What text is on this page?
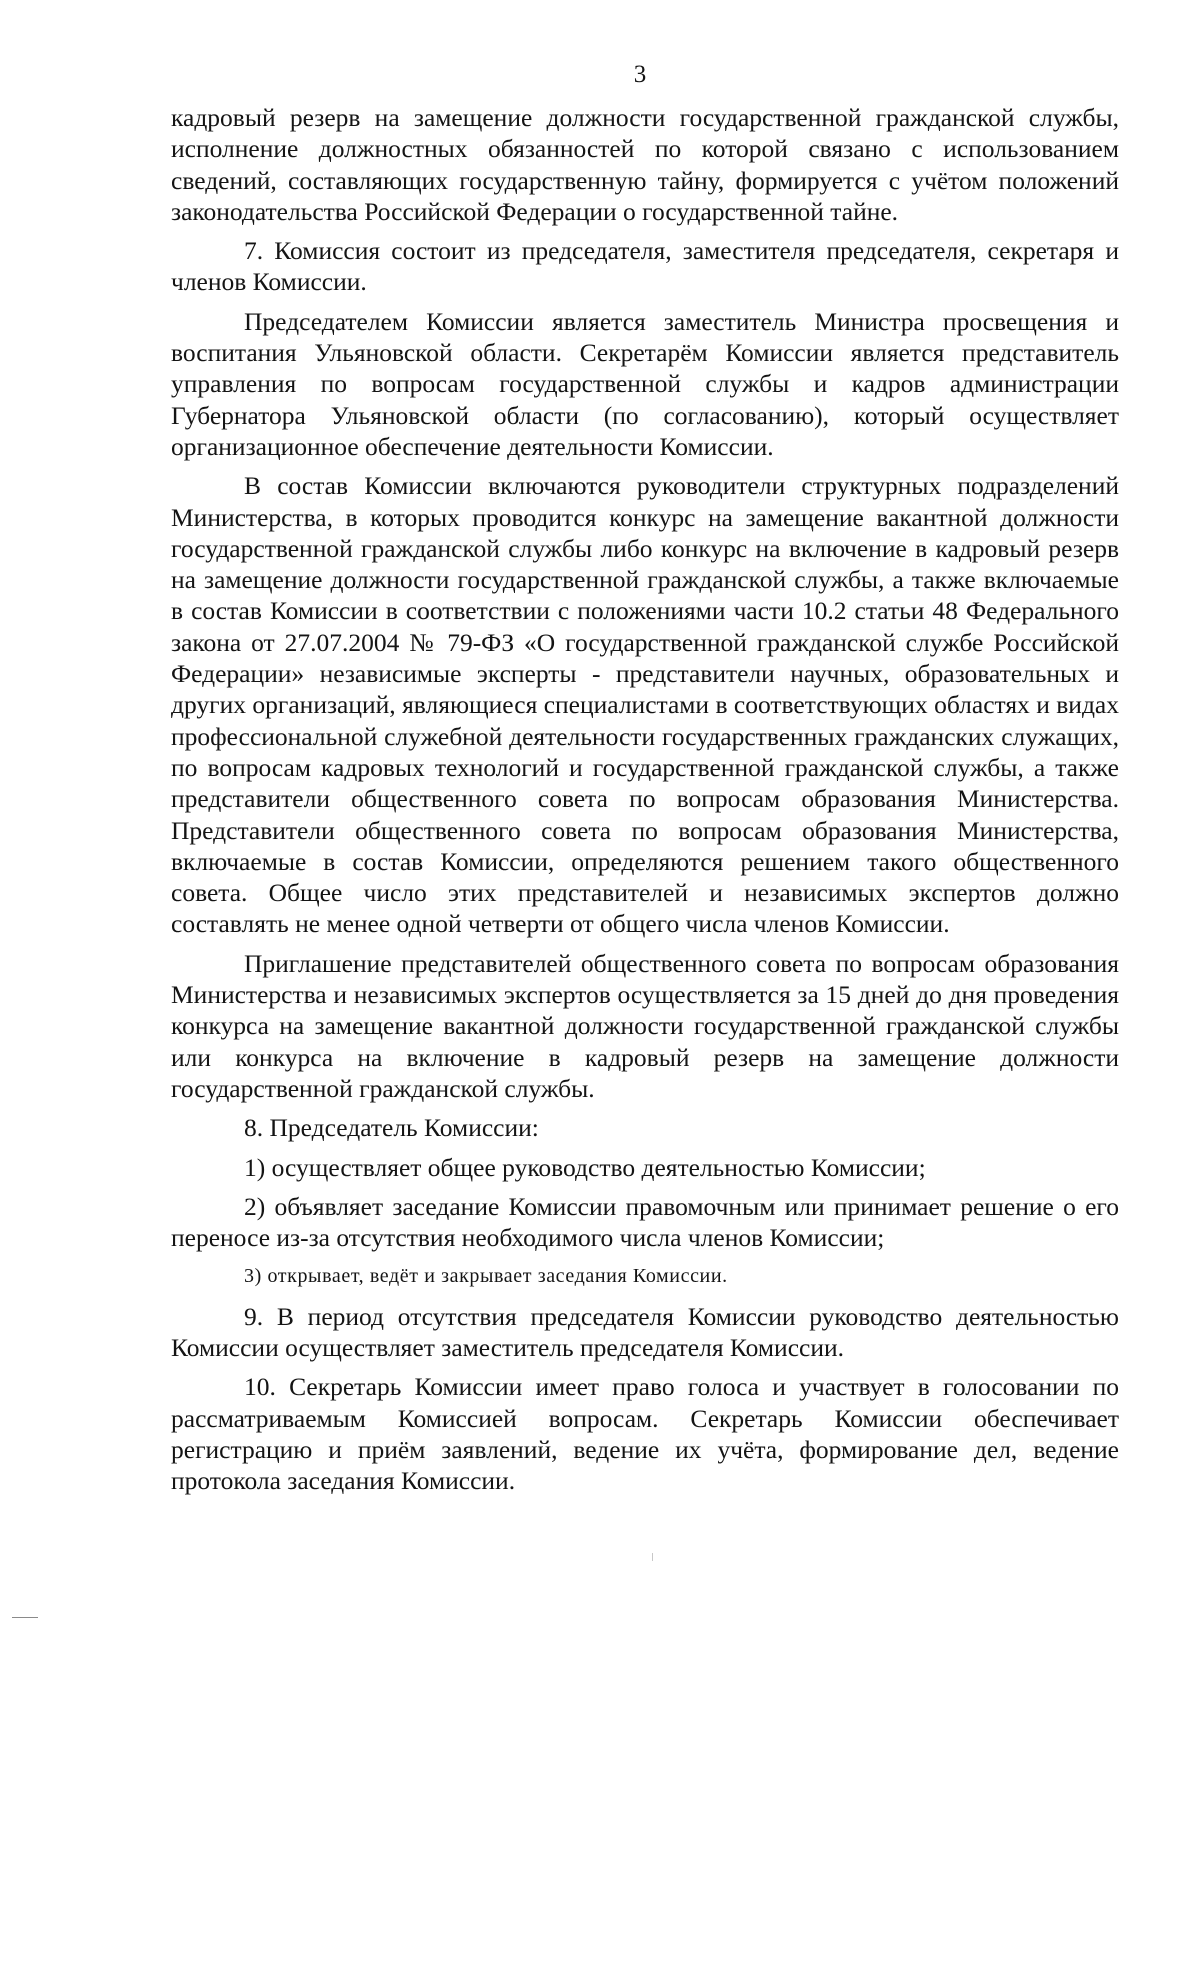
3

кадровый резерв на замещение должности государственной гражданской службы, исполнение должностных обязанностей по которой связано с использованием сведений, составляющих государственную тайну, формируется с учётом положений законодательства Российской Федерации о государственной тайне.

7. Комиссия состоит из председателя, заместителя председателя, секретаря и членов Комиссии.

Председателем Комиссии является заместитель Министра просвещения и воспитания Ульяновской области. Секретарём Комиссии является представитель управления по вопросам государственной службы и кадров администрации Губернатора Ульяновской области (по согласованию), который осуществляет организационное обеспечение деятельности Комиссии.

В состав Комиссии включаются руководители структурных подразделений Министерства, в которых проводится конкурс на замещение вакантной должности государственной гражданской службы либо конкурс на включение в кадровый резерв на замещение должности государственной гражданской службы, а также включаемые в состав Комиссии в соответствии с положениями части 10.2 статьи 48 Федерального закона от 27.07.2004 № 79-ФЗ «О государственной гражданской службе Российской Федерации» независимые эксперты - представители научных, образовательных и других организаций, являющиеся специалистами в соответствующих областях и видах профессиональной служебной деятельности государственных гражданских служащих, по вопросам кадровых технологий и государственной гражданской службы, а также представители общественного совета по вопросам образования Министерства. Представители общественного совета по вопросам образования Министерства, включаемые в состав Комиссии, определяются решением такого общественного совета. Общее число этих представителей и независимых экспертов должно составлять не менее одной четверти от общего числа членов Комиссии.

Приглашение представителей общественного совета по вопросам образования Министерства и независимых экспертов осуществляется за 15 дней до дня проведения конкурса на замещение вакантной должности государственной гражданской службы или конкурса на включение в кадровый резерв на замещение должности государственной гражданской службы.

8. Председатель Комиссии:

1) осуществляет общее руководство деятельностью Комиссии;

2) объявляет заседание Комиссии правомочным или принимает решение о его переносе из-за отсутствия необходимого числа членов Комиссии;

3) открывает, ведёт и закрывает заседания Комиссии.

9. В период отсутствия председателя Комиссии руководство деятельностью Комиссии осуществляет заместитель председателя Комиссии.

10. Секретарь Комиссии имеет право голоса и участвует в голосовании по рассматриваемым Комиссией вопросам. Секретарь Комиссии обеспечивает регистрацию и приём заявлений, ведение их учёта, формирование дел, ведение протокола заседания Комиссии.
